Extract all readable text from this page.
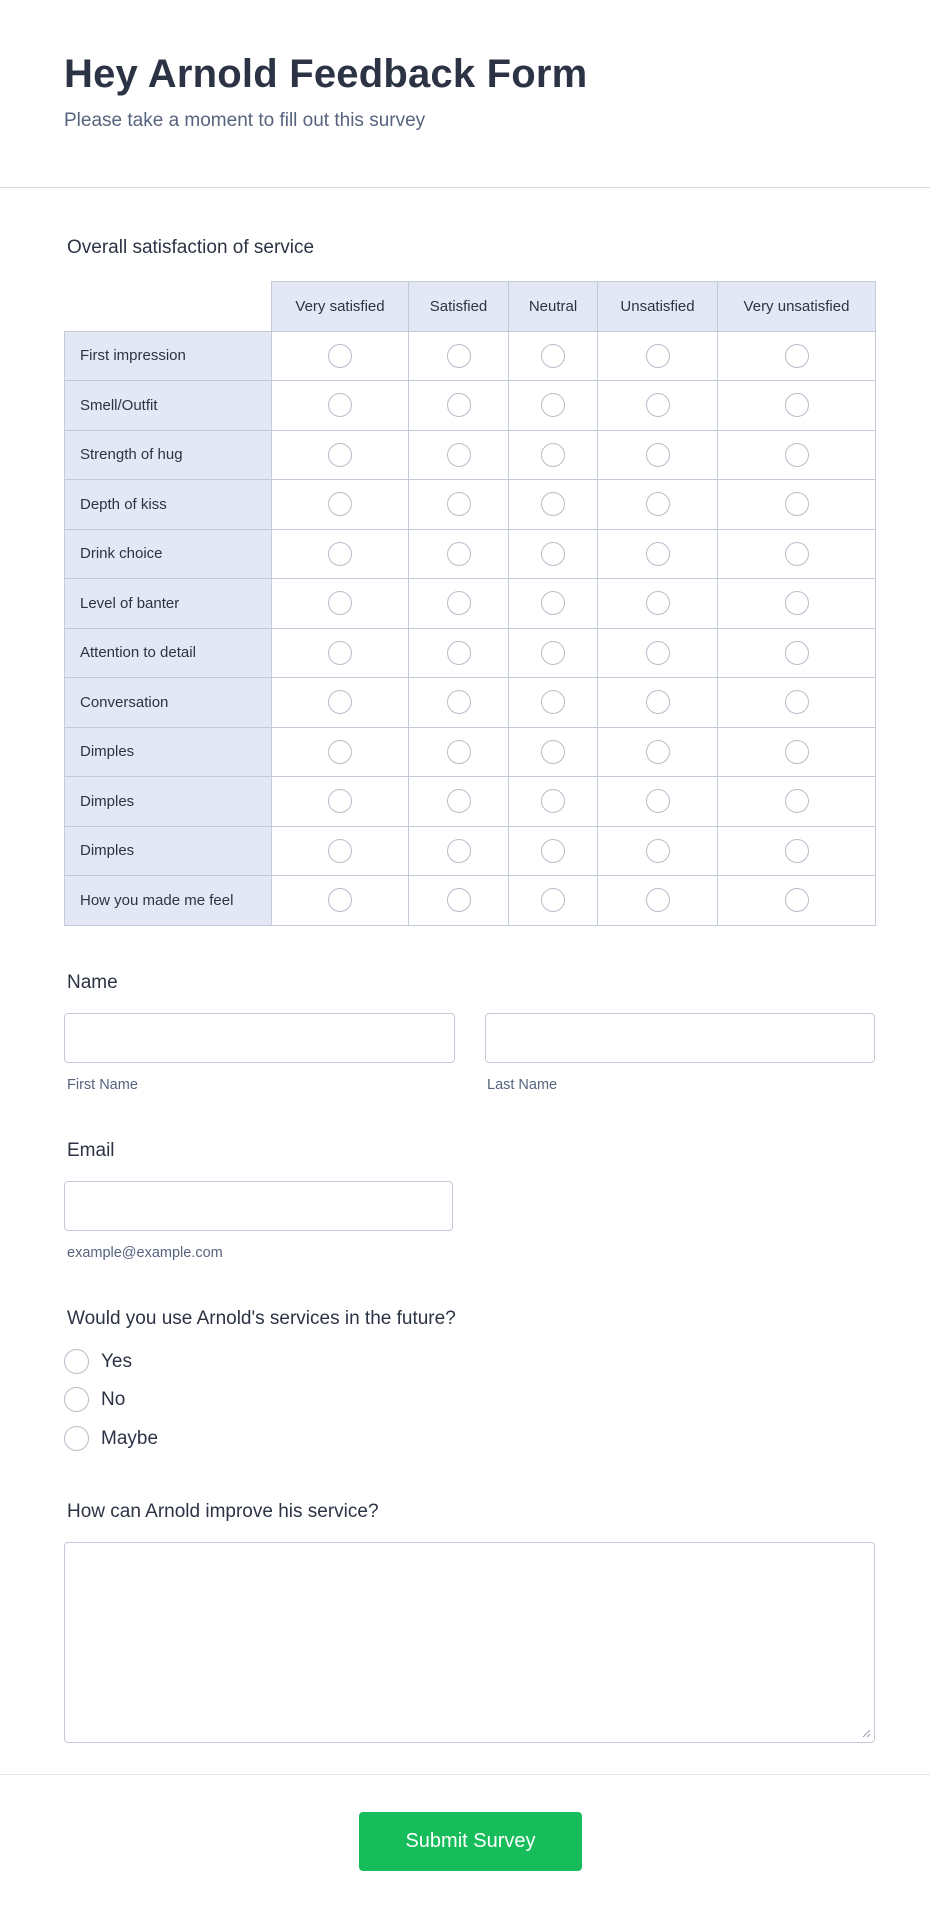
Hey Arnold Feedback Form
Please take a moment to fill out this survey
Overall satisfaction of service
	Very satisfied	Satisfied	Neutral	Unsatisfied	Very unsatisfied
First impression					
Smell/Outfit					
Strength of hug					
Depth of kiss					
Drink choice					
Level of banter					
Attention to detail					
Conversation					
Dimples					
Dimples					
Dimples					
How you made me feel					
Name
First Name	Last Name
Email
example@example.com
Would you use Arnold's services in the future?
Yes
No
Maybe
How can Arnold improve his service?
Submit Survey
